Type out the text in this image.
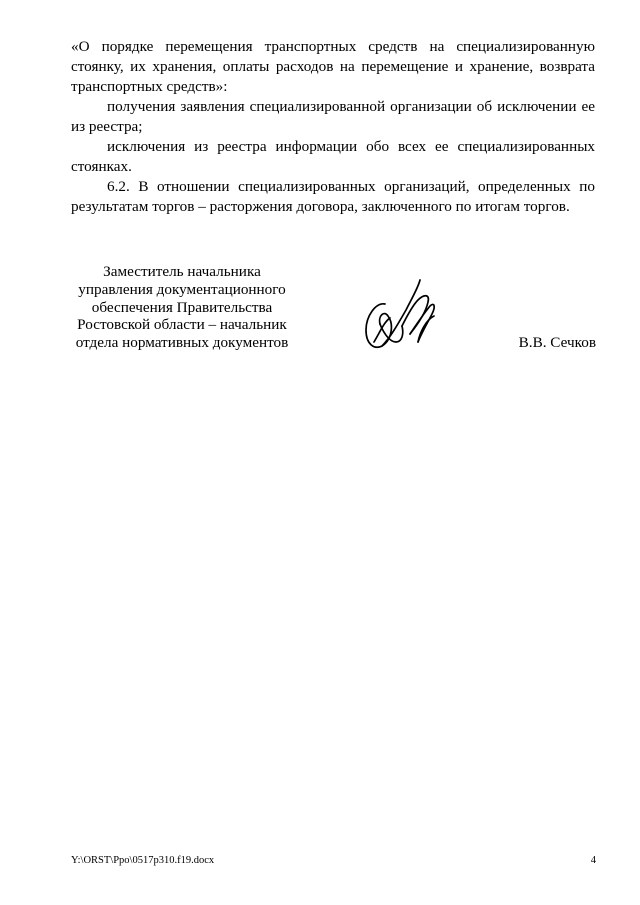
«О порядке перемещения транспортных средств на специализированную стоянку, их хранения, оплаты расходов на перемещение и хранение, возврата транспортных средств»:

получения заявления специализированной организации об исключении ее из реестра;

исключения из реестра информации обо всех ее специализированных стоянках.

6.2. В отношении специализированных организаций, определенных по результатам торгов – расторжения договора, заключенного по итогам торгов.

Заместитель начальника
управления документационного
обеспечения Правительства
Ростовской области – начальник
отдела нормативных документов	В.В. Сечков
Y:\ORST\Ppo\0517p310.f19.docx	4
